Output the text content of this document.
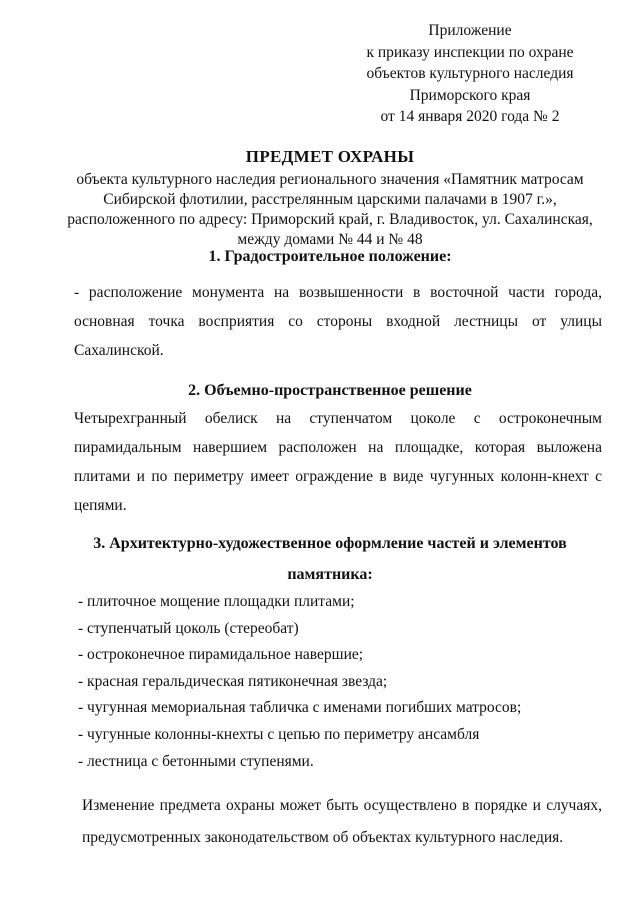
Приложение
к приказу инспекции по охране
объектов культурного наследия
Приморского края
от 14 января 2020 года № 2
ПРЕДМЕТ ОХРАНЫ
объекта культурного наследия регионального значения «Памятник матросам
Сибирской флотилии, расстрелянным царскими палачами в 1907 г.»,
расположенного по адресу: Приморский край, г. Владивосток, ул. Сахалинская,
между домами № 44 и № 48
1. Градостроительное положение:
- расположение монумента на возвышенности в восточной части города,
основная точка восприятия со стороны входной лестницы от улицы
Сахалинской.
2. Объемно-пространственное решение
Четырехгранный обелиск на ступенчатом цоколе с остроконечным
пирамидальным навершием расположен на площадке, которая выложена
плитами и по периметру имеет ограждение в виде чугунных колонн-кнехт с
цепями.
3. Архитектурно-художественное оформление частей и элементов
памятника:
- плиточное мощение площадки плитами;
- ступенчатый цоколь (стереобат)
- остроконечное пирамидальное навершие;
- красная геральдическая пятиконечная звезда;
- чугунная мемориальная табличка с именами погибших матросов;
- чугунные колонны-кнехты с цепью по периметру ансамбля
- лестница с бетонными ступенями.
Изменение предмета охраны может быть осуществлено в порядке и случаях,
предусмотренных законодательством об объектах культурного наследия.
